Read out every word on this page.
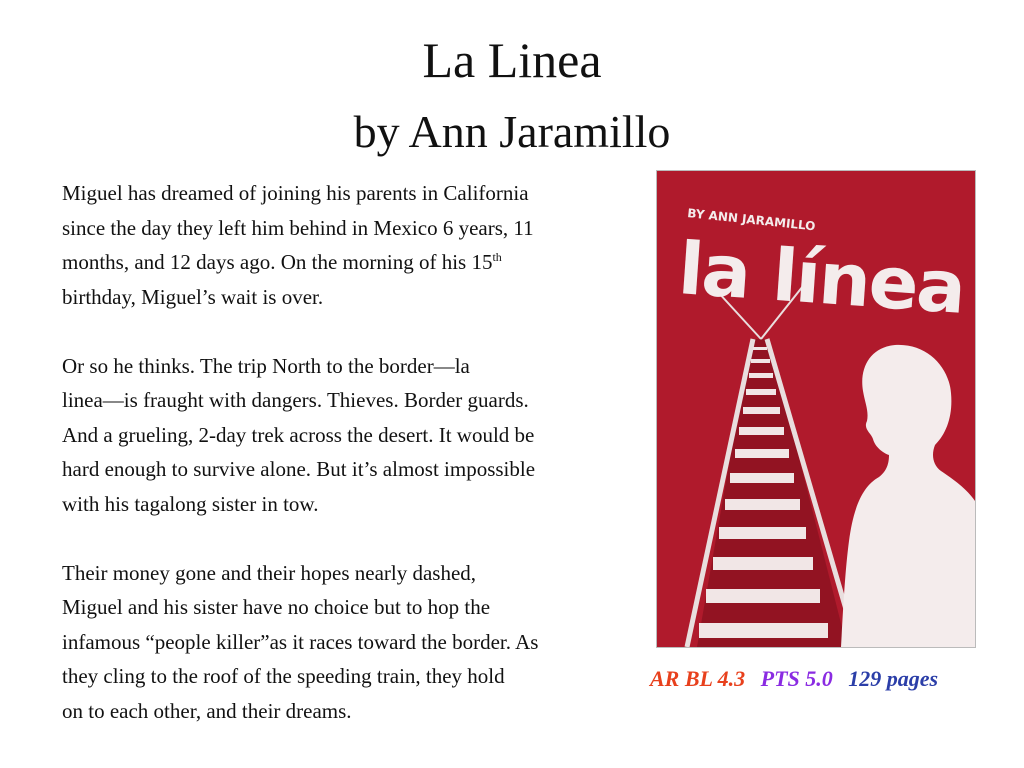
La Linea
by Ann Jaramillo

Miguel has dreamed of joining his parents in California
since the day they left him behind in Mexico 6 years, 11
months, and 12 days ago. On the morning of his 15th
birthday, Miguel’s wait is over.

Or so he thinks. The trip North to the border—la
linea—is fraught with dangers. Thieves. Border guards.
And a grueling, 2-day trek across the desert. It would be
hard enough to survive alone. But it’s almost impossible
with his tagalong sister in tow.

Their money gone and their hopes nearly dashed,
Miguel and his sister have no choice but to hop the
infamous “people killer”as it races toward the border. As
they cling to the roof of the speeding train, they hold
on to each other, and their dreams.

BY ANN JARAMILLO
la línea
AR BL 4.3 PTS 5.0 129 pages
